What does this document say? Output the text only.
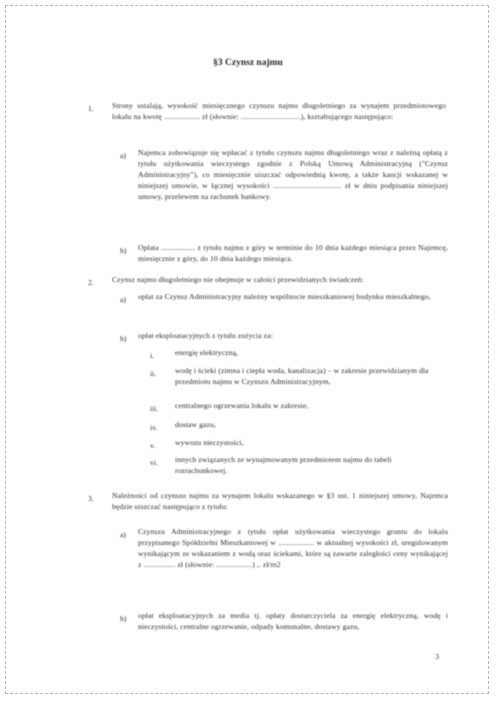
§3 Czynsz najmu
1. Strony ustalają, wysokość miesięcznego czynszu najmu długoletniego za wynajem przedmiotowego lokalu na kwotę .................. zł (słownie: ..............................), kształtującego następująco:
a) Najemca zobowiązuje się wpłacać z tytułu czynszu najmu długoletniego wraz z należną opłatą z tytułu użytkowania wieczystego zgodnie z Polską Umową Administracyjną ("Czynsz Administracyjny"), co miesięcznie uiszczać odpowiednią kwotę, a także kaucji wskazanej w niniejszej umowie, w łącznej wysokości .................................. zł w dniu podpisania niniejszej umowy, przelewem na rachunek bankowy.
b) Opłata ................. z tytułu najmu z góry w terminie do 10 dnia każdego miesiąca przez Najemcę, miesięcznie z góry, do 10 dnia każdego miesiąca.
2. Czynsz najmu długoletniego nie obejmuje w całości przewidzianych świadczeń:
a) opłat za Czynsz Administracyjny należny wspólnocie mieszkaniowej budynku mieszkalnego,
b) opłat eksploatacyjnych z tytułu zużycia za:
i.	energię elektryczną,
ii. wodę i ścieki (zimna i ciepła woda, kanalizacja) – w zakresie przewidzianym dla przedmiotu najmu w Czynszu Administracyjnym,
iii. centralnego ogrzewania lokalu w zakresie,
iv. dostaw gazu,
v.	wywozu nieczystości,
vi. innych związanych ze wynajmowanym przedmiotem najmu do tabeli rozrachunkowej.
3. Należności od czynszu najmu za wynajem lokalu wskazanego w §3 ust. 1 niniejszej umowy, Najemca będzie uiszczać następująco z tytułu:
a) Czynszu Administracyjnego z tytułu opłat użytkowania wieczystego gruntu do lokalu przypisanego Spółdzielni Mieszkaniowej w .................. w aktualnej wysokości zł, uregulowanym wynikającym ze wskazaniem z wodą oraz ściekami, które są zawarte zaległości ceny wynikającej z ................ zł (słownie: ..................) ,. zł/m2
b) opłat eksploatacyjnych za media tj. opłaty dostarczyciela za energię elektryczną, wodę i nieczystości, centralne ogrzewanie, odpady komunalne, dostawy gazu,
3
